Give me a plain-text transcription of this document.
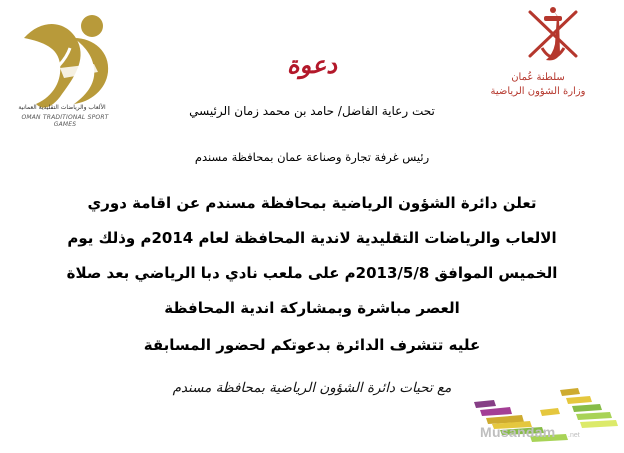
الألعاب والرياضات التقليدية العمانية
OMAN TRADITIONAL SPORT GAMES
سلطنة عُمان
وزارة الشؤون الرياضية
دعوة
تحت رعاية الفاضل/ حامد بن محمد زمان الرئيسي
رئيس غرفة تجارة وصناعة عمان بمحافظة مسندم
تعلن دائرة الشؤون الرياضية بمحافظة مسندم عن اقامة دوري
الالعاب والرياضات التقليدية لاندية المحافظة لعام 2014م وذلك يوم
الخميس الموافق 2013/5/8م على ملعب نادي دبا الرياضي بعد صلاة
العصر مباشرة وبمشاركة اندية المحافظة
عليه تتشرف الدائرة بدعوتكم لحضور المسابقة
مع تحيات دائرة الشؤون الرياضية بمحافظة مسندم
Musandam .net
